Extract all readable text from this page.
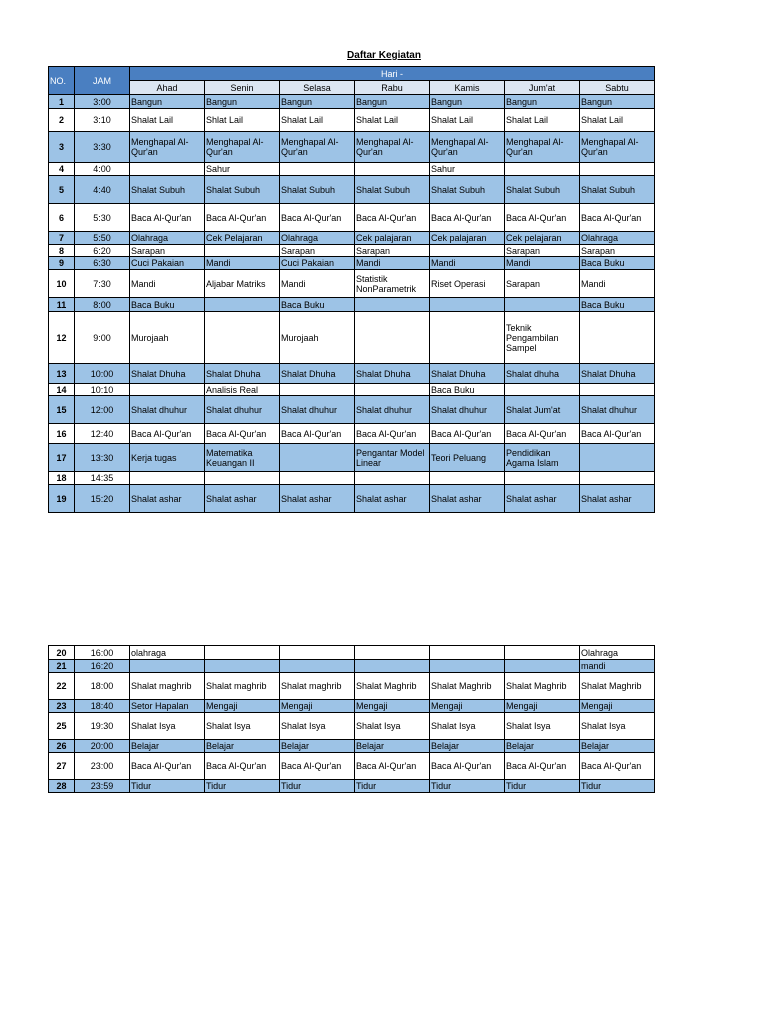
Daftar Kegiatan
NO.	JAM	Hari -						
		Ahad	Senin	Selasa	Rabu	Kamis	Jum'at	Sabtu
1	3:00	Bangun	Bangun	Bangun	Bangun	Bangun	Bangun	Bangun
2	3:10	Shalat Lail	Shlat Lail	Shalat Lail	Shalat Lail	Shalat Lail	Shalat Lail	Shalat Lail
3	3:30	Menghapal Al-Qur'an	Menghapal Al-Qur'an	Menghapal Al-Qur'an	Menghapal Al-Qur'an	Menghapal Al-Qur'an	Menghapal Al-Qur'an	Menghapal Al-Qur'an
4	4:00		Sahur			Sahur		
5	4:40	Shalat Subuh	Shalat Subuh	Shalat Subuh	Shalat Subuh	Shalat Subuh	Shalat Subuh	Shalat Subuh
6	5:30	Baca Al-Qur'an	Baca Al-Qur'an	Baca Al-Qur'an	Baca Al-Qur'an	Baca Al-Qur'an	Baca Al-Qur'an	Baca Al-Qur'an
7	5:50	Olahraga	Cek Pelajaran	Olahraga	Cek palajaran	Cek palajaran	Cek pelajaran	Olahraga
8	6:20	Sarapan		Sarapan	Sarapan		Sarapan	Sarapan
9	6:30	Cuci Pakaian	Mandi	Cuci Pakaian	Mandi	Mandi	Mandi	Baca Buku
10	7:30	Mandi	Aljabar Matriks	Mandi	Statistik NonParametrik	Riset Operasi	Sarapan	Mandi
11	8:00	Baca Buku		Baca Buku				Baca Buku
12	9:00	Murojaah		Murojaah			Teknik Pengambilan Sampel	
13	10:00	Shalat Dhuha	Shalat Dhuha	Shalat Dhuha	Shalat Dhuha	Shalat Dhuha	Shalat dhuha	Shalat Dhuha
14	10:10		Analisis Real			Baca Buku		
15	12:00	Shalat dhuhur	Shalat dhuhur	Shalat dhuhur	Shalat dhuhur	Shalat dhuhur	Shalat Jum'at	Shalat dhuhur
16	12:40	Baca Al-Qur'an	Baca Al-Qur'an	Baca Al-Qur'an	Baca Al-Qur'an	Baca Al-Qur'an	Baca Al-Qur'an	Baca Al-Qur'an
17	13:30	Kerja tugas	Matematika Keuangan II		Pengantar Model Linear	Teori Peluang	Pendidikan Agama Islam	
18	14:35							
19	15:20	Shalat ashar	Shalat ashar	Shalat ashar	Shalat ashar	Shalat ashar	Shalat ashar	Shalat ashar
20	16:00	olahraga						Olahraga
21	16:20							mandi
22	18:00	Shalat maghrib	Shalat maghrib	Shalat maghrib	Shalat Maghrib	Shalat Maghrib	Shalat Maghrib	Shalat Maghrib
23	18:40	Setor Hapalan	Mengaji	Mengaji	Mengaji	Mengaji	Mengaji	Mengaji
25	19:30	Shalat Isya	Shalat Isya	Shalat Isya	Shalat Isya	Shalat Isya	Shalat Isya	Shalat Isya
26	20:00	Belajar	Belajar	Belajar	Belajar	Belajar	Belajar	Belajar
27	23:00	Baca Al-Qur'an	Baca Al-Qur'an	Baca Al-Qur'an	Baca Al-Qur'an	Baca Al-Qur'an	Baca Al-Qur'an	Baca Al-Qur'an
28	23:59	Tidur	Tidur	Tidur	Tidur	Tidur	Tidur	Tidur
